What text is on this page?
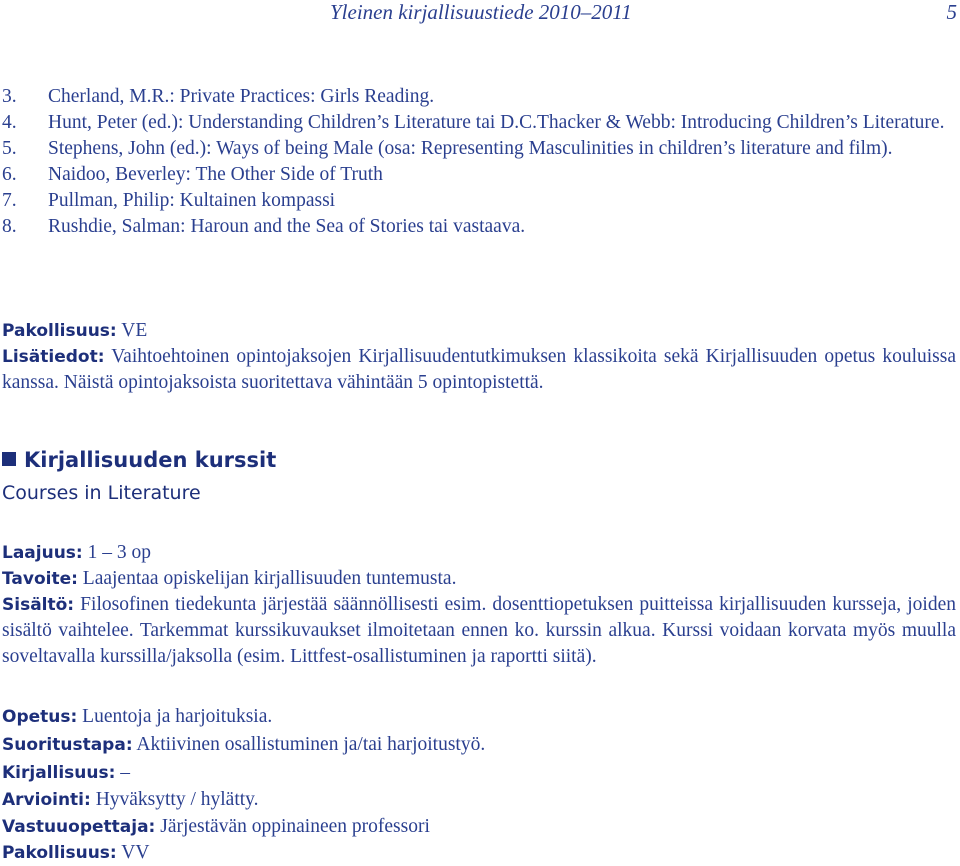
Yleinen kirjallisuustiede 2010–2011	5
3. Cherland, M.R.: Private Practices: Girls Reading.
4. Hunt, Peter (ed.): Understanding Children’s Literature tai D.C.Thacker & Webb: Introducing Children’s Literature.
5. Stephens, John (ed.): Ways of being Male (osa: Representing Masculinities in children’s literature and film).
6. Naidoo, Beverley: The Other Side of Truth
7. Pullman, Philip: Kultainen kompassi
8. Rushdie, Salman: Haroun and the Sea of Stories tai vastaava.
Pakollisuus: VE
Lisätiedot: Vaihtoehtoinen opintojaksojen Kirjallisuudentutkimuksen klassikoita sekä Kirjallisuuden opetus kouluissa kanssa. Näistä opintojaksoista suoritettava vähintään 5 opintopistettä.
Kirjallisuuden kurssit
Courses in Literature
Laajuus: 1 – 3 op
Tavoite: Laajentaa opiskelijan kirjallisuuden tuntemusta.
Sisältö: Filosofinen tiedekunta järjestää säännöllisesti esim. dosenttiopetuksen puitteissa kirjallisuuden kursseja, joiden sisältö vaihtelee. Tarkemmat kurssikuvaukset ilmoitetaan ennen ko. kurssin alkua. Kurssi voidaan korvata myös muulla soveltavalla kurssilla/jaksolla (esim. Littfest-osallistuminen ja raportti siitä).
Opetus: Luentoja ja harjoituksia.
Suoritustapa: Aktiivinen osallistuminen ja/tai harjoitustyö.
Kirjallisuus: –
Arviointi: Hyväksytty / hylätty.
Vastuuopettaja: Järjestävän oppinaineen professori
Pakollisuus: VV
